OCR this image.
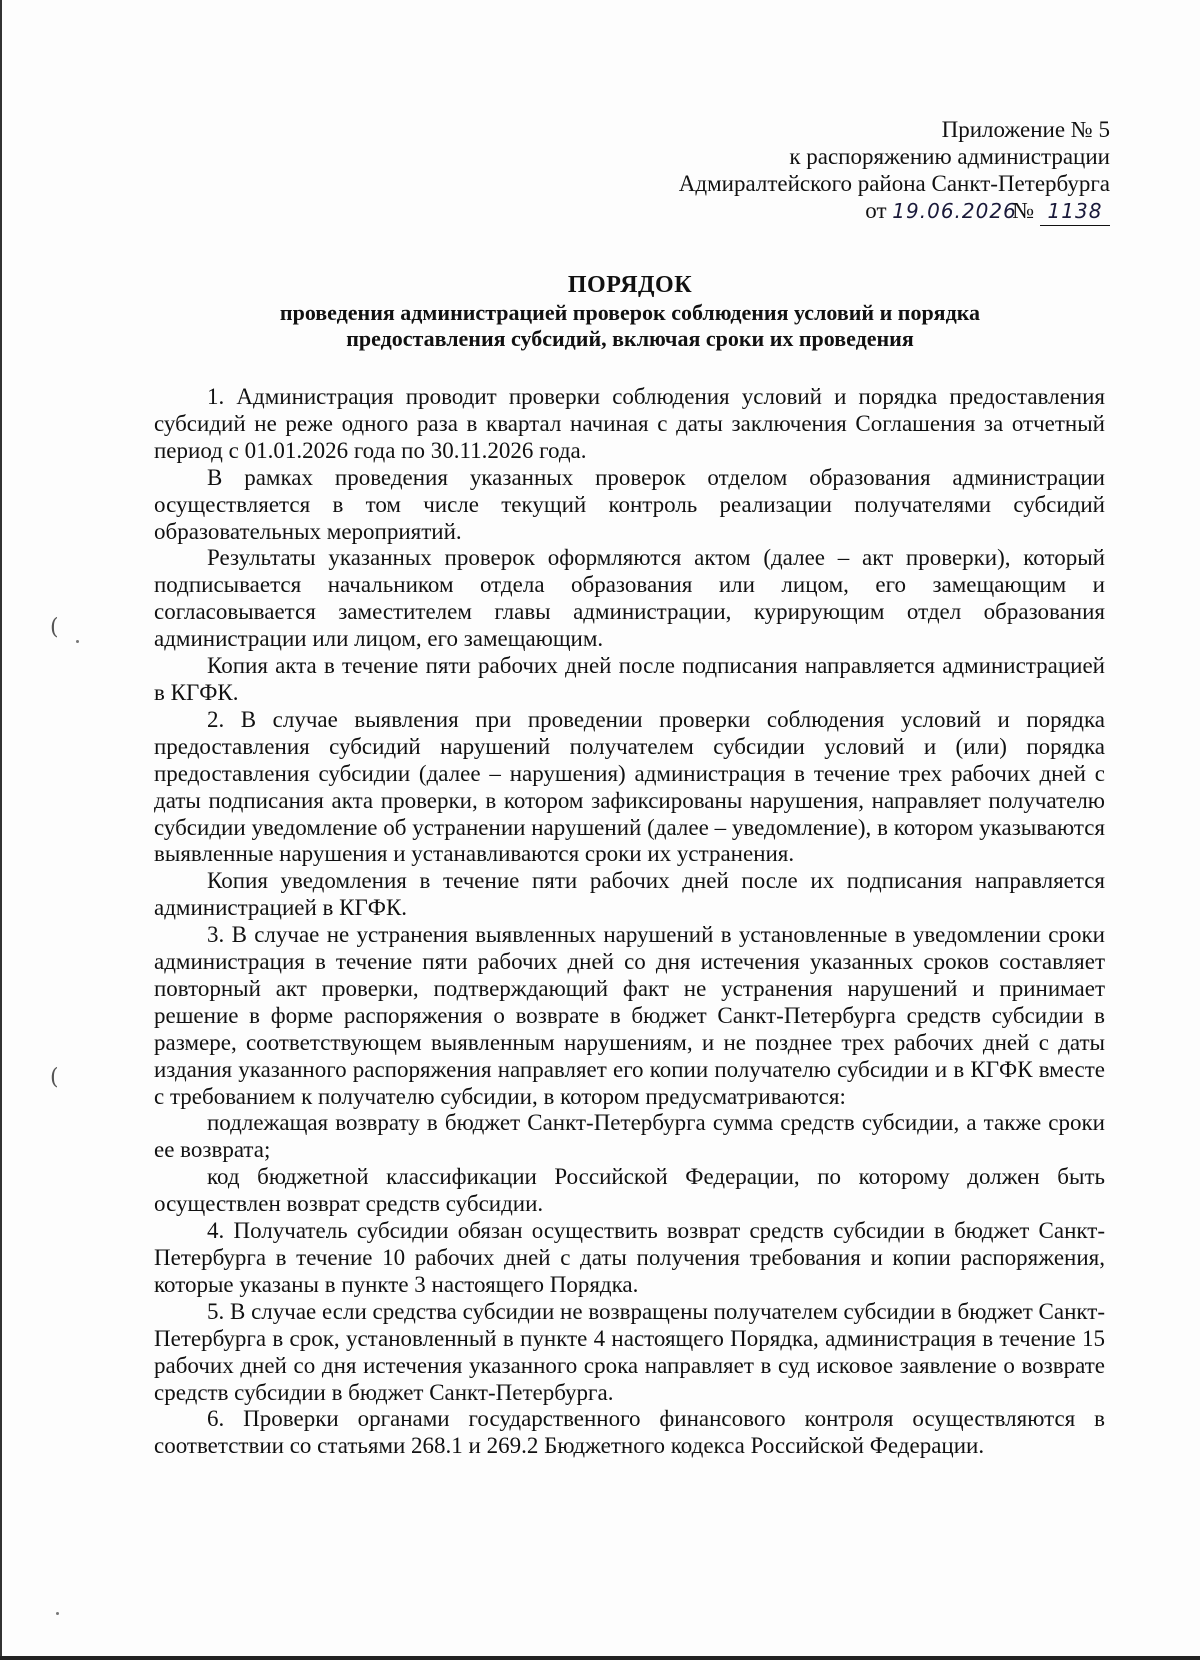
Приложение № 5
к распоряжению администрации
Адмиралтейского района Санкт-Петербурга
от 19.06.2026№ 1138
ПОРЯДОК
проведения администрацией проверок соблюдения условий и порядка
предоставления субсидий, включая сроки их проведения

1. Администрация проводит проверки соблюдения условий и порядка предоставления субсидий не реже одного раза в квартал начиная с даты заключения Соглашения за отчетный период с 01.01.2026 года по 30.11.2026 года.

В рамках проведения указанных проверок отделом образования администрации осуществляется в том числе текущий контроль реализации получателями субсидий образовательных мероприятий.

Результаты указанных проверок оформляются актом (далее – акт проверки), который подписывается начальником отдела образования или лицом, его замещающим и согласовывается заместителем главы администрации, курирующим отдел образования администрации или лицом, его замещающим.

Копия акта в течение пяти рабочих дней после подписания направляется администрацией в КГФК.

2. В случае выявления при проведении проверки соблюдения условий и порядка предоставления субсидий нарушений получателем субсидии условий и (или) порядка предоставления субсидии (далее – нарушения) администрация в течение трех рабочих дней с даты подписания акта проверки, в котором зафиксированы нарушения, направляет получателю субсидии уведомление об устранении нарушений (далее – уведомление), в котором указываются выявленные нарушения и устанавливаются сроки их устранения.

Копия уведомления в течение пяти рабочих дней после их подписания направляется администрацией в КГФК.

3. В случае не устранения выявленных нарушений в установленные в уведомлении сроки администрация в течение пяти рабочих дней со дня истечения указанных сроков составляет повторный акт проверки, подтверждающий факт не устранения нарушений и принимает решение в форме распоряжения о возврате в бюджет Санкт-Петербурга средств субсидии в размере, соответствующем выявленным нарушениям, и не позднее трех рабочих дней с даты издания указанного распоряжения направляет его копии получателю субсидии и в КГФК вместе с требованием к получателю субсидии, в котором предусматриваются:

подлежащая возврату в бюджет Санкт-Петербурга сумма средств субсидии, а также сроки ее возврата;

код бюджетной классификации Российской Федерации, по которому должен быть осуществлен возврат средств субсидии.

4. Получатель субсидии обязан осуществить возврат средств субсидии в бюджет Санкт-Петербурга в течение 10 рабочих дней с даты получения требования и копии распоряжения, которые указаны в пункте 3 настоящего Порядка.

5. В случае если средства субсидии не возвращены получателем субсидии в бюджет Санкт-Петербурга в срок, установленный в пункте 4 настоящего Порядка, администрация в течение 15 рабочих дней со дня истечения указанного срока направляет в суд исковое заявление о возврате средств субсидии в бюджет Санкт-Петербурга.

6. Проверки органами государственного финансового контроля осуществляются в соответствии со статьями 268.1 и 269.2 Бюджетного кодекса Российской Федерации.

(
(
